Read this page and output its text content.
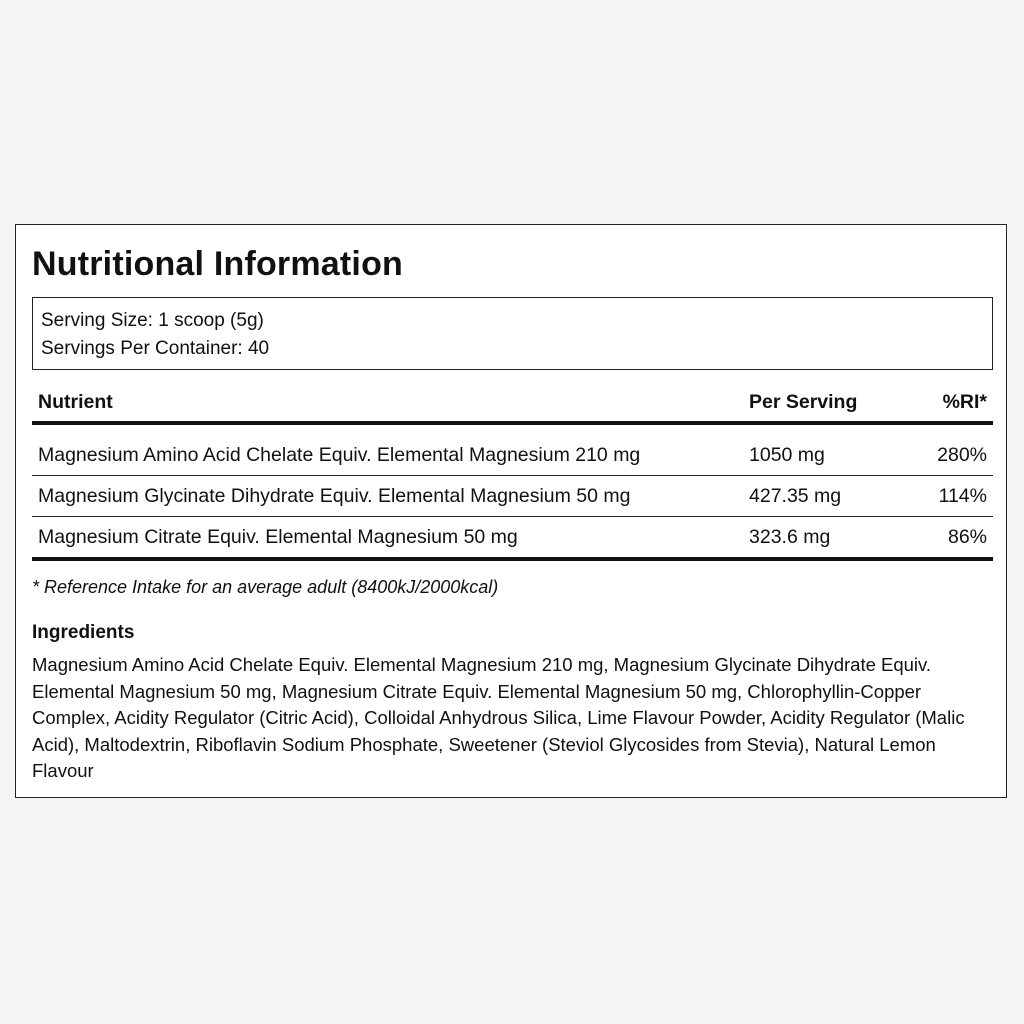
Nutritional Information
Serving Size: 1 scoop (5g)
Servings Per Container: 40
Nutrient	Per Serving	%RI*

Magnesium Amino Acid Chelate Equiv. Elemental Magnesium 210 mg	1050 mg	280%
Magnesium Glycinate Dihydrate Equiv. Elemental Magnesium 50 mg	427.35 mg	114%
Magnesium Citrate Equiv. Elemental Magnesium 50 mg	323.6 mg	86%
* Reference Intake for an average adult (8400kJ/2000kcal)
Ingredients
Magnesium Amino Acid Chelate Equiv. Elemental Magnesium 210 mg, Magnesium Glycinate Dihydrate Equiv. Elemental Magnesium 50 mg, Magnesium Citrate Equiv. Elemental Magnesium 50 mg, Chlorophyllin-Copper Complex, Acidity Regulator (Citric Acid), Colloidal Anhydrous Silica, Lime Flavour Powder, Acidity Regulator (Malic Acid), Maltodextrin, Riboflavin Sodium Phosphate, Sweetener (Steviol Glycosides from Stevia), Natural Lemon Flavour
